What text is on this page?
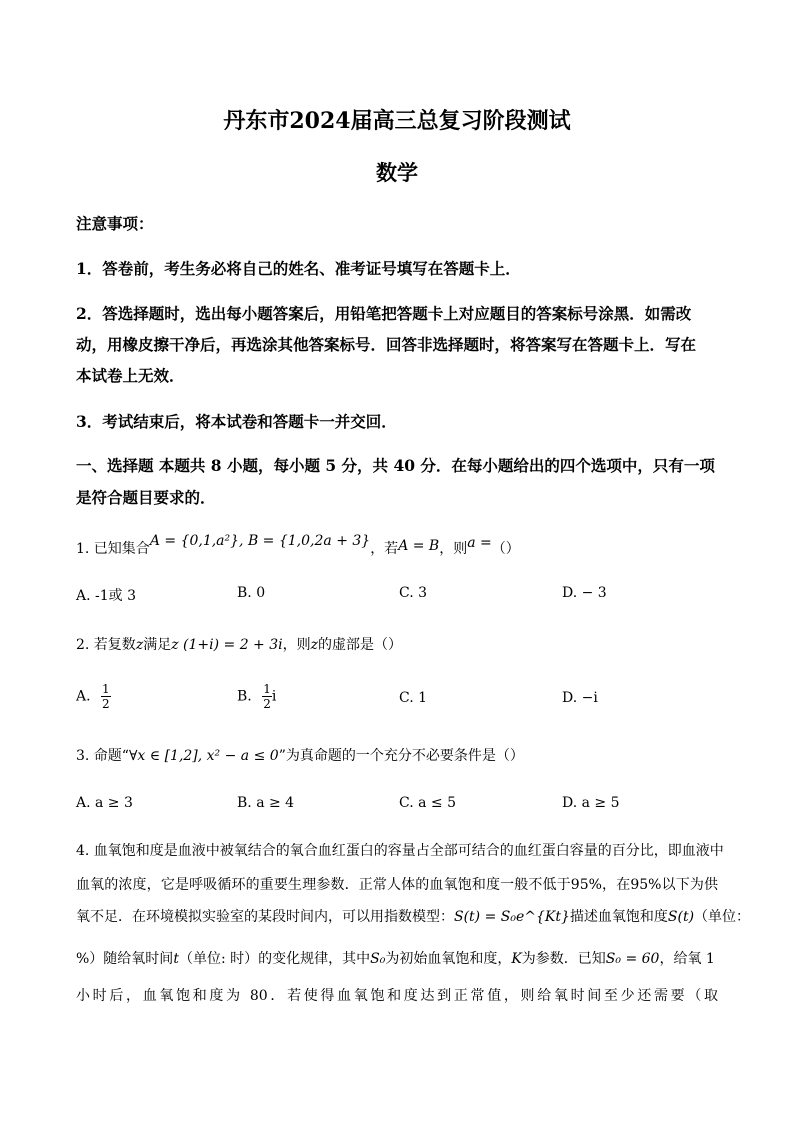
丹东市2024届高三总复习阶段测试
数学
注意事项：
1．答卷前，考生务必将自己的姓名、准考证号填写在答题卡上．
2．答选择题时，选出每小题答案后，用铅笔把答题卡上对应题目的答案标号涂黑．如需改
动，用橡皮擦干净后，再选涂其他答案标号．回答非选择题时，将答案写在答题卡上．写在
本试卷上无效．
3．考试结束后，将本试卷和答题卡一并交回．
一、选择题 本题共 8 小题，每小题 5 分，共 40 分．在每小题给出的四个选项中，只有一项
是符合题目要求的．
1. 已知集合A = {0,1,a²}, B = {1,0,2a + 3}，若A = B，则a =（）
A. -1或 3	B. 0	C. 3	D. − 3
2. 若复数z满足z (1+i) = 2 + 3i，则z的虚部是（）
A. $\frac{1}{2}$	B. $\frac{1}{2}$ i	C. 1	D. −i
3. 命题“∀x ∈ [1,2], x² − a ≤ 0”为真命题的一个充分不必要条件是（）
A. a ≥ 3	B. a ≥ 4	C. a ≤ 5	D. a ≥ 5
4. 血氧饱和度是血液中被氧结合的氧合血红蛋白的容量占全部可结合的血红蛋白容量的百分比，即血液中
血氧的浓度，它是呼吸循环的重要生理参数．正常人体的血氧饱和度一般不低于95%，在95%以下为供
氧不足．在环境模拟实验室的某段时间内，可以用指数模型：S(t) = S₀e^{Kt}描述血氧饱和度S(t)（单位：
%）随给氧时间t（单位: 时）的变化规律，其中S₀为初始血氧饱和度，K为参数．已知S₀ = 60，给氧 1
小时后，血氧饱和度为 80．若使得血氧饱和度达到正常值，则给氧时间至少还需要（取
